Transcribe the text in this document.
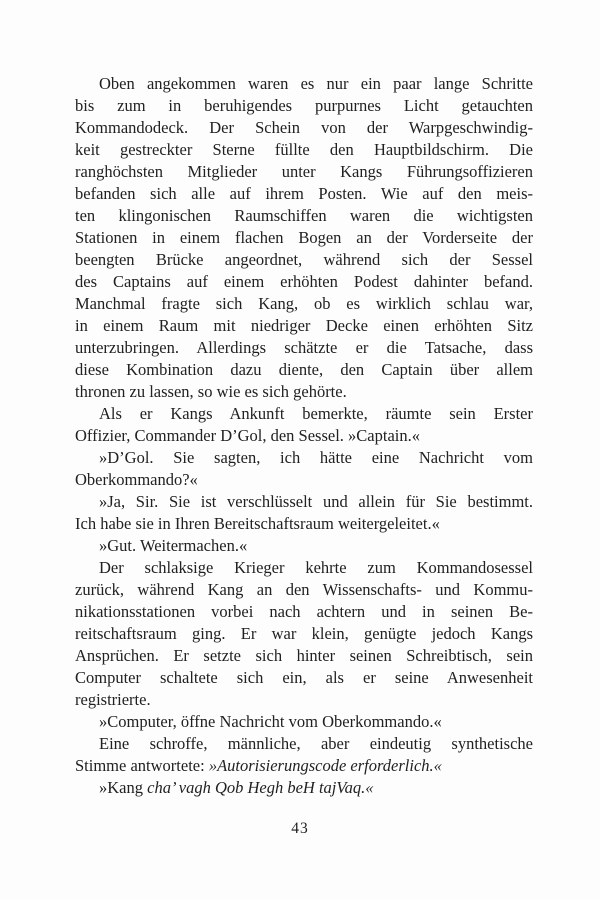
Oben angekommen waren es nur ein paar lange Schritte
bis zum in beruhigendes purpurnes Licht getauchten
Kommandodeck. Der Schein von der Warpgeschwindig-
keit gestreckter Sterne füllte den Hauptbildschirm. Die
ranghöchsten Mitglieder unter Kangs Führungsoffizieren
befanden sich alle auf ihrem Posten. Wie auf den meis-
ten klingonischen Raumschiffen waren die wichtigsten
Stationen in einem flachen Bogen an der Vorderseite der
beengten Brücke angeordnet, während sich der Sessel
des Captains auf einem erhöhten Podest dahinter befand.
Manchmal fragte sich Kang, ob es wirklich schlau war,
in einem Raum mit niedriger Decke einen erhöhten Sitz
unterzubringen. Allerdings schätzte er die Tatsache, dass
diese Kombination dazu diente, den Captain über allem
thronen zu lassen, so wie es sich gehörte.

Als er Kangs Ankunft bemerkte, räumte sein Erster
Offizier, Commander D’Gol, den Sessel. »Captain.«

»D’Gol. Sie sagten, ich hätte eine Nachricht vom
Oberkommando?«

»Ja, Sir. Sie ist verschlüsselt und allein für Sie bestimmt.
Ich habe sie in Ihren Bereitschaftsraum weitergeleitet.«

»Gut. Weitermachen.«

Der schlaksige Krieger kehrte zum Kommandosessel
zurück, während Kang an den Wissenschafts- und Kommu-
nikationsstationen vorbei nach achtern und in seinen Be-
reitschaftsraum ging. Er war klein, genügte jedoch Kangs
Ansprüchen. Er setzte sich hinter seinen Schreibtisch, sein
Computer schaltete sich ein, als er seine Anwesenheit
registrierte.

»Computer, öffne Nachricht vom Oberkommando.«

Eine schroffe, männliche, aber eindeutig synthetische
Stimme antwortete: »Autorisierungscode erforderlich.«

»Kang cha’ vagh Qob Hegh beH tajVaq.«

43
